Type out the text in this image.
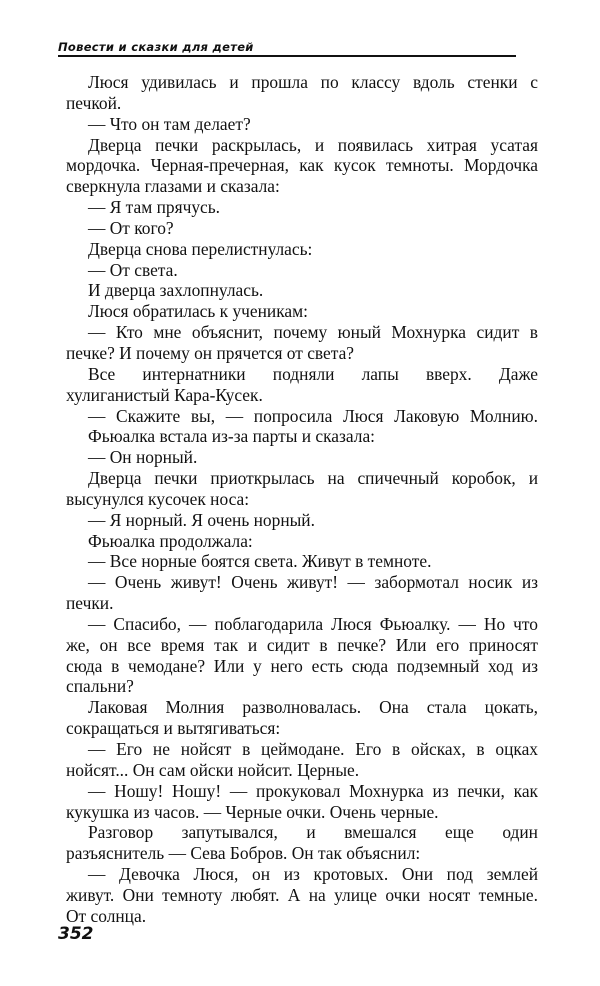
Повести и сказки для детей
Люся удивилась и прошла по классу вдоль стенки с
печкой.
— Что он там делает?
Дверца печки раскрылась, и появилась хитрая усатая
мордочка. Черная-пречерная, как кусок темноты. Мордочка
сверкнула глазами и сказала:
— Я там прячусь.
— От кого?
Дверца снова перелистнулась:
— От света.
И дверца захлопнулась.
Люся обратилась к ученикам:
— Кто мне объяснит, почему юный Мохнурка сидит в
печке? И почему он прячется от света?
Все интернатники подняли лапы вверх. Даже
хулиганистый Кара-Кусек.
— Скажите вы, — попросила Люся Лаковую Молнию.
Фьюалка встала из-за парты и сказала:
— Он норный.
Дверца печки приоткрылась на спичечный коробок, и
высунулся кусочек носа:
— Я норный. Я очень норный.
Фьюалка продолжала:
— Все норные боятся света. Живут в темноте.
— Очень живут! Очень живут! — забормотал носик из
печки.
— Спасибо, — поблагодарила Люся Фьюалку. — Но что
же, он все время так и сидит в печке? Или его приносят
сюда в чемодане? Или у него есть сюда подземный ход из
спальни?
Лаковая Молния разволновалась. Она стала цокать,
сокращаться и вытягиваться:
— Его не нойсят в цеймодане. Его в ойсках, в оцках
нойсят... Он сам ойски нойсит. Церные.
— Ношу! Ношу! — прокуковал Мохнурка из печки, как
кукушка из часов. — Черные очки. Очень черные.
Разговор запутывался, и вмешался еще один
разъяснитель — Сева Бобров. Он так объяснил:
— Девочка Люся, он из кротовых. Они под землей
живут. Они темноту любят. А на улице очки носят темные.
От солнца.
352
